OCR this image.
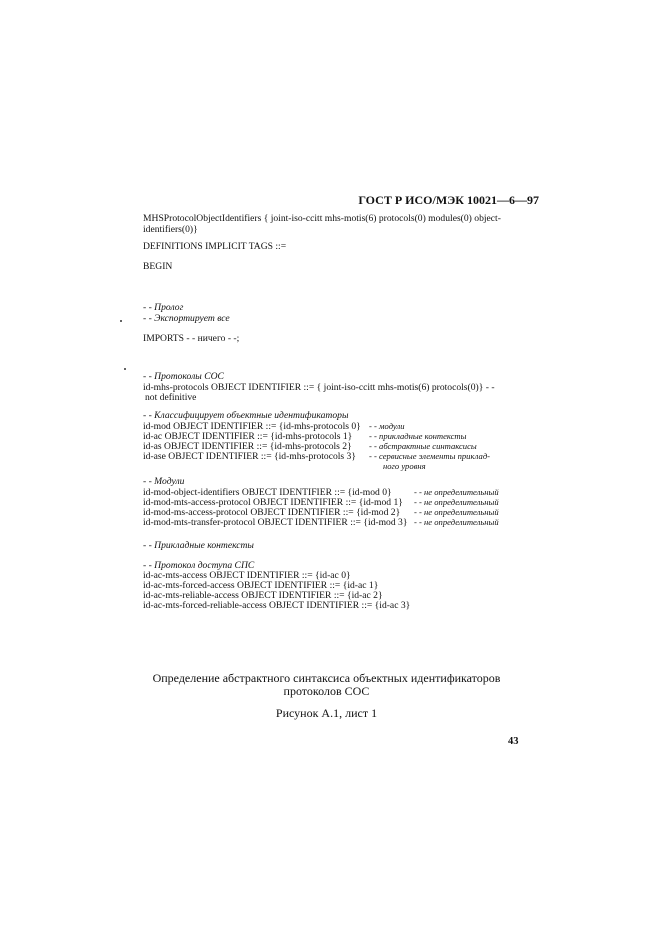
ГОСТ Р ИСО/МЭК 10021—6—97
MHSProtocolObjectIdentifiers { joint-iso-ccitt mhs-motis(6) protocols(0) modules(0) object-
identifiers(0)}
DEFINITIONS IMPLICIT TAGS ::=
BEGIN
- - Пролог
- - Экспортирует все
IMPORTS - - ничего - -;
- - Протоколы СОС
id-mhs-protocols OBJECT IDENTIFIER ::= { joint-iso-ccitt mhs-motis(6) protocols(0)} - -
not definitive
- - Классифицирует объектные идентификаторы
id-mod OBJECT IDENTIFIER ::= {id-mhs-protocols 0} - - модули
id-ac OBJECT IDENTIFIER ::= {id-mhs-protocols 1} - - прикладные контексты
id-as OBJECT IDENTIFIER ::= {id-mhs-protocols 2} - - абстрактные синтаксисы
id-ase OBJECT IDENTIFIER ::= {id-mhs-protocols 3} - - сервисные элементы приклад-
ного уровня
- - Модули
id-mod-object-identifiers OBJECT IDENTIFIER ::= {id-mod 0}	- - не определительный
id-mod-mts-access-protocol OBJECT IDENTIFIER ::= {id-mod 1} - - не определительный
id-mod-ms-access-protocol OBJECT IDENTIFIER ::= {id-mod 2} - - не определительный
id-mod-mts-transfer-protocol OBJECT IDENTIFIER ::= {id-mod 3} - - не определительный
- - Прикладные контексты
- - Протокол доступа СПС
id-ac-mts-access OBJECT IDENTIFIER ::= {id-ac 0}
id-ac-mts-forced-access OBJECT IDENTIFIER ::= {id-ac 1}
id-ac-mts-reliable-access OBJECT IDENTIFIER ::= {id-ac 2}
id-ac-mts-forced-reliable-access OBJECT IDENTIFIER ::= {id-ac 3}
Определение абстрактного синтаксиса объектных идентификаторов
протоколов СОС
Рисунок А.1, лист 1
43
